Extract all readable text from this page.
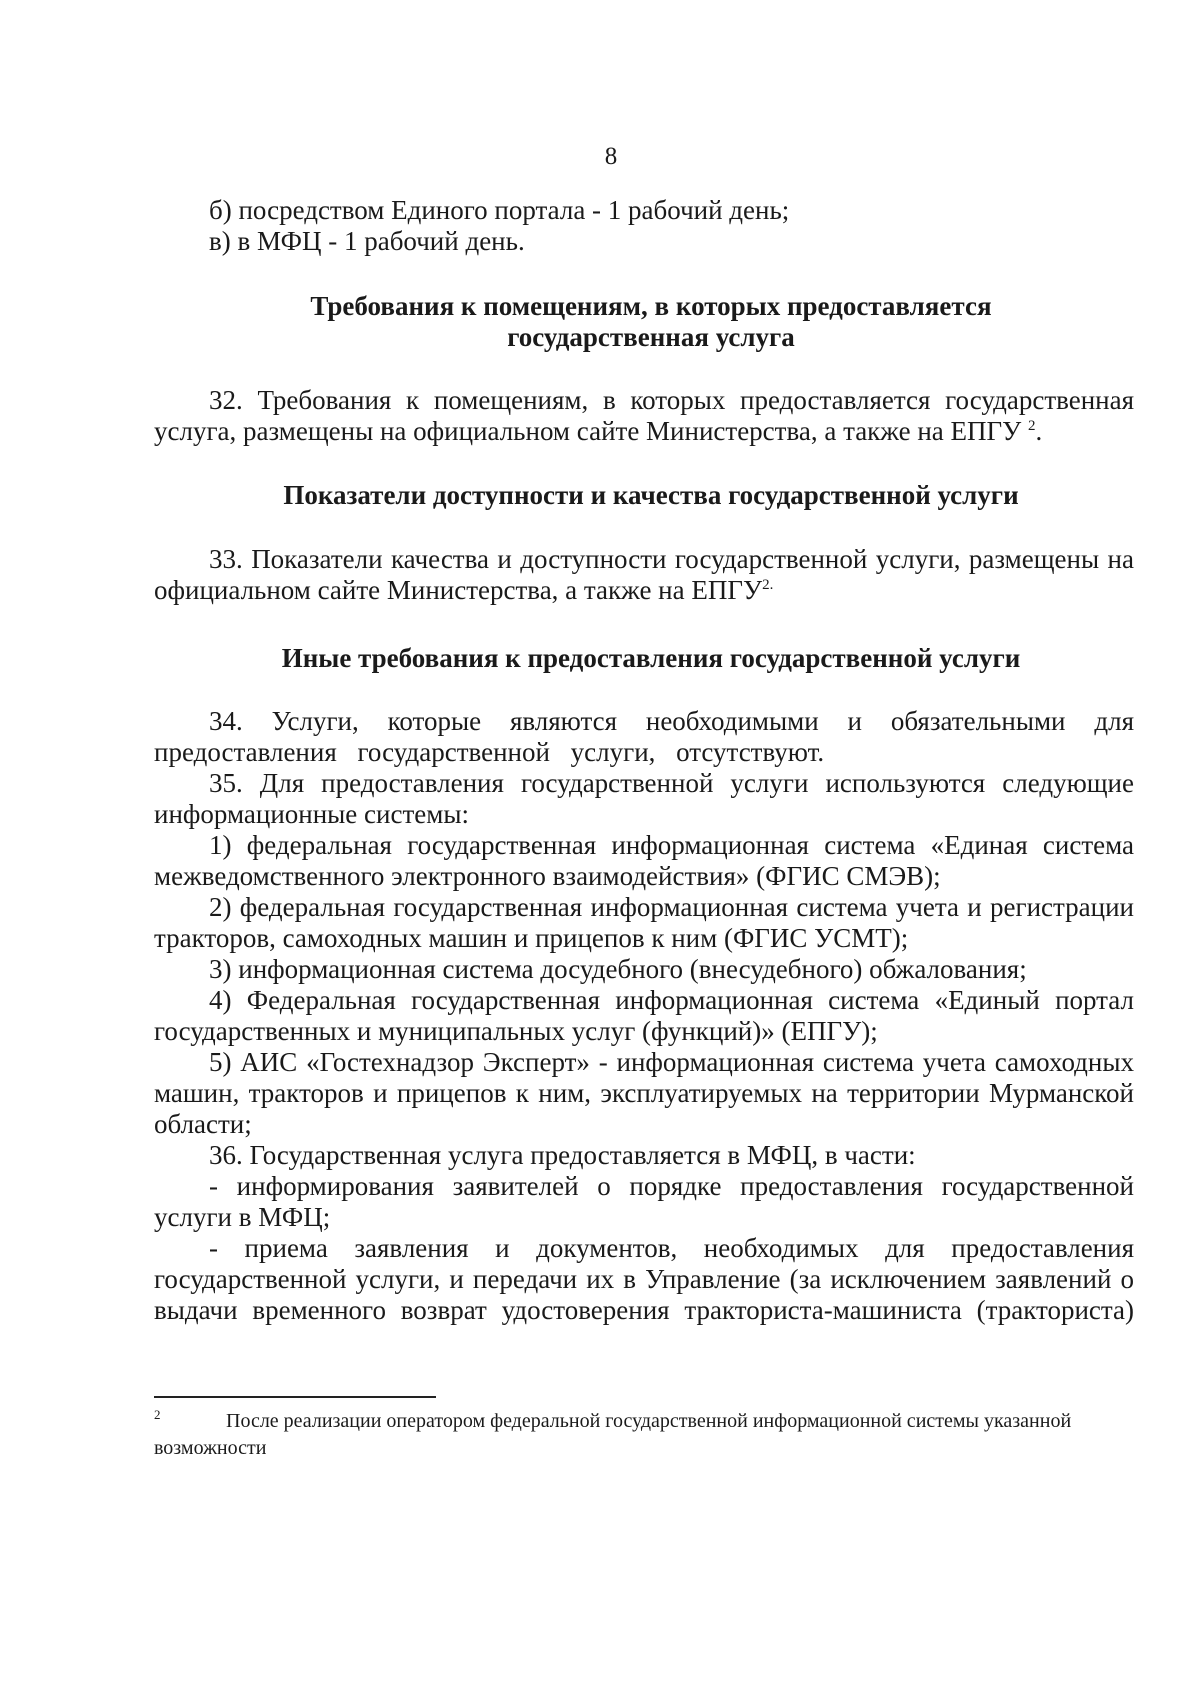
8

б) посредством Единого портала - 1 рабочий день;

в) в МФЦ - 1 рабочий день.

Требования к помещениям, в которых предоставляется
государственная услуга

32. Требования к помещениям, в которых предоставляется государственная услуга, размещены на официальном сайте Министерства, а также на ЕПГУ $^2$.

Показатели доступности и качества государственной услуги

33. Показатели качества и доступности государственной услуги, размещены на официальном сайте Министерства, а также на $ЕПГУ^{2.}$

Иные требования к предоставления государственной услуги

34. Услуги, которые являются необходимыми и обязательными для предоставления государственной услуги, отсутствуют.

35. Для предоставления государственной услуги используются следующие информационные системы:

1) федеральная государственная информационная система «Единая система межведомственного электронного взаимодействия» (ФГИС СМЭВ);

2) федеральная государственная информационная система учета и регистрации тракторов, самоходных машин и прицепов к ним (ФГИС УСМТ);

3) информационная система досудебного (внесудебного) обжалования;

4) Федеральная государственная информационная система «Единый портал государственных и муниципальных услуг (функций)» (ЕПГУ);

5) АИС «Гостехнадзор Эксперт» - информационная система учета самоходных машин, тракторов и прицепов к ним, эксплуатируемых на территории Мурманской области;

36. Государственная услуга предоставляется в МФЦ, в части:

- информирования заявителей о порядке предоставления государственной услуги в МФЦ;

- приема заявления и документов, необходимых для предоставления государственной услуги, и передачи их в Управление (за исключением заявлений о выдачи временного возврат удостоверения тракториста-машиниста (тракториста)

2	После реализации оператором федеральной государственной информационной системы указанной возможности
